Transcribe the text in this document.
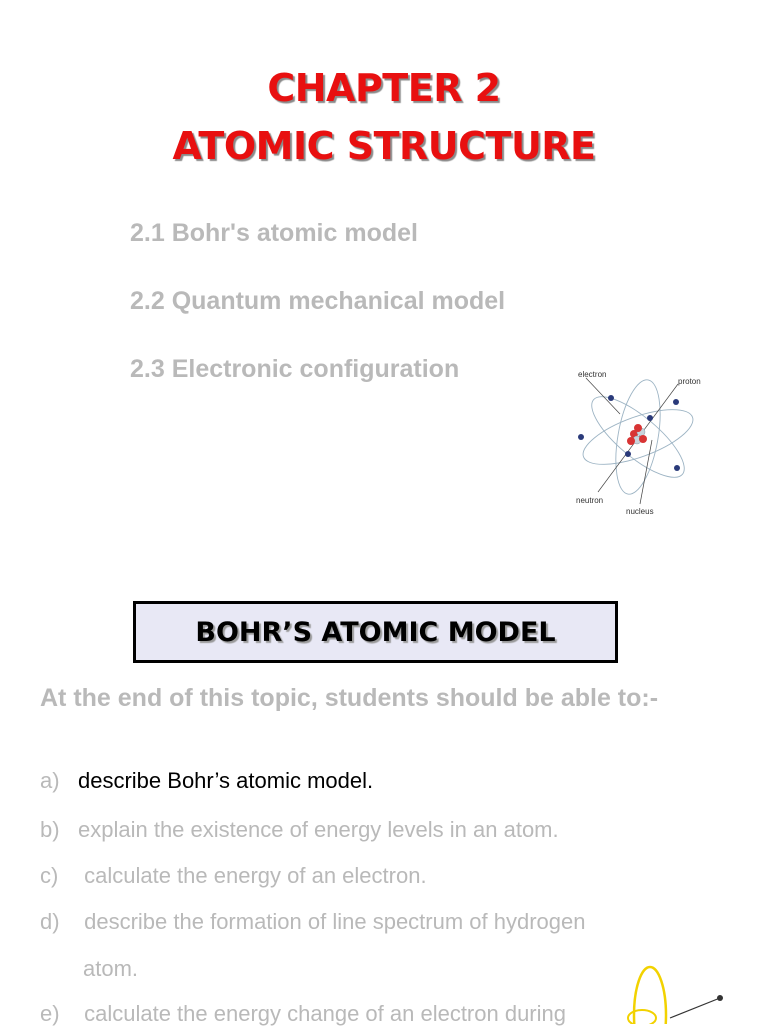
CHAPTER 2
ATOMIC STRUCTURE
2.1 Bohr's atomic model
2.2 Quantum mechanical model
2.3 Electronic configuration	electron
proton
neutron
nucleus
BOHR’S ATOMIC MODEL
At the end of this topic, students should be able to:-
a) describe Bohr’s atomic model.
b) explain the existence of energy levels in an atom.
c) calculate the energy of an electron.
d) describe the formation of line spectrum of hydrogen
atom.
e) calculate the energy change of an electron during
